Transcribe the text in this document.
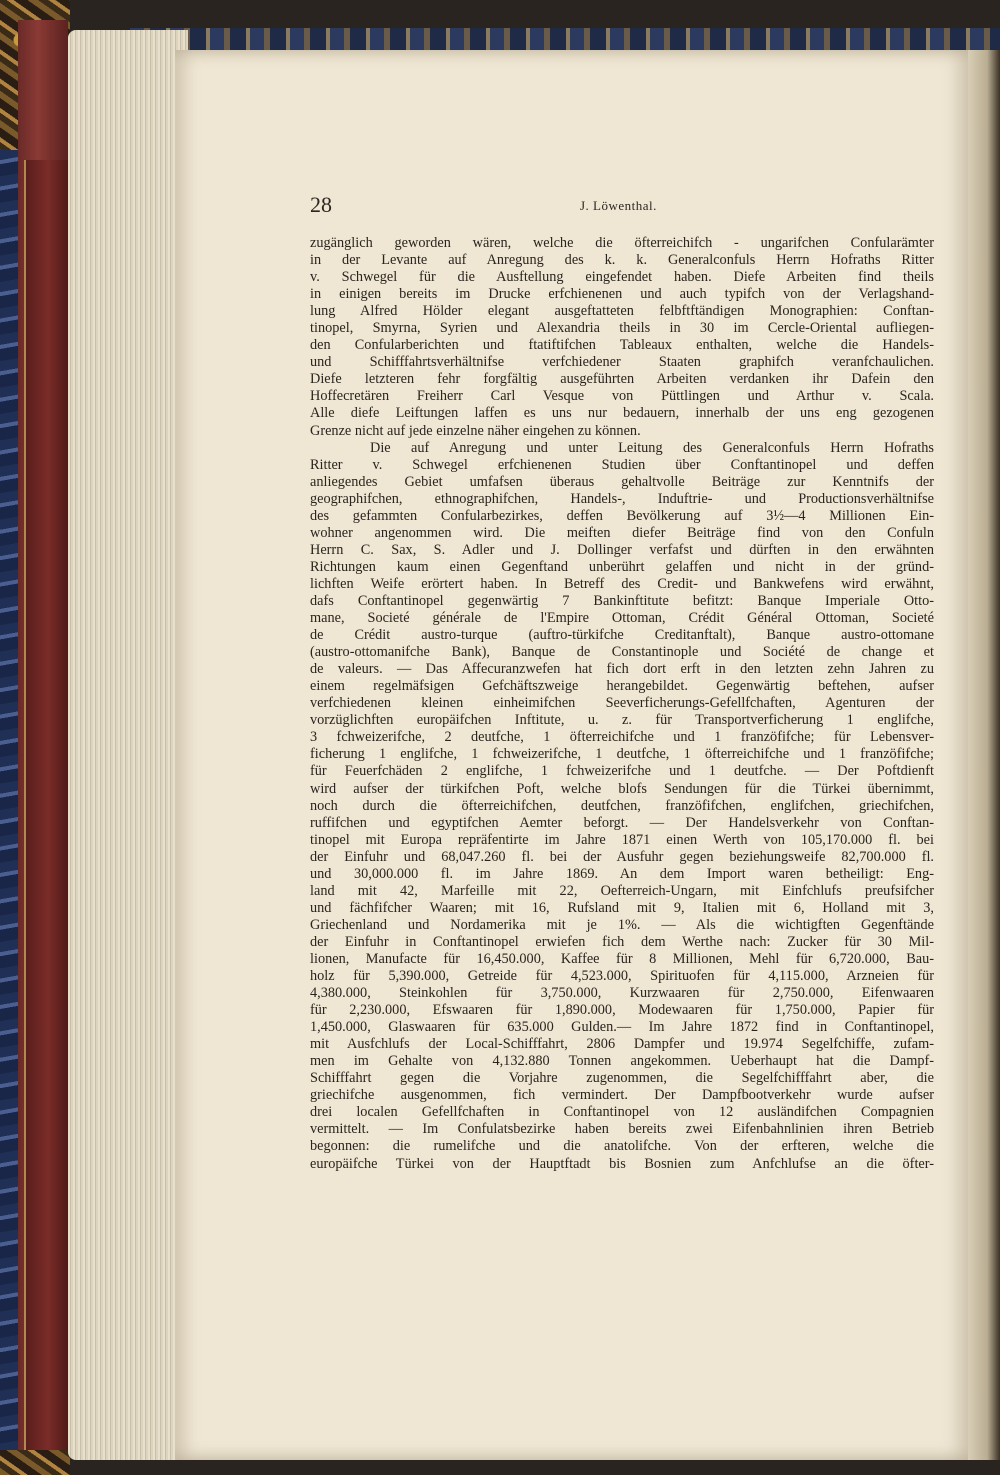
28	J. Löwenthal.
zugänglich geworden wären, welche die öfterreichifch - ungarifchen Confularämter
in der Levante auf Anregung des k. k. Generalconfuls Herrn Hofraths Ritter
v. Schwegel für die Ausftellung eingefendet haben. Diefe Arbeiten find theils
in einigen bereits im Drucke erfchienenen und auch typifch von der Verlagshand-
lung Alfred Hölder elegant ausgeftatteten felbftftändigen Monographien: Conftan-
tinopel, Smyrna, Syrien und Alexandria theils in 30 im Cercle-Oriental aufliegen-
den Confularberichten und ftatiftifchen Tableaux enthalten, welche die Handels-
und Schifffahrtsverhältnifse verfchiedener Staaten graphifch veranfchaulichen.
Diefe letzteren fehr forgfältig ausgeführten Arbeiten verdanken ihr Dafein den
Hoffecretären Freiherr Carl Vesque von Püttlingen und Arthur v. Scala.
Alle diefe Leiftungen laffen es uns nur bedauern, innerhalb der uns eng gezogenen
Grenze nicht auf jede einzelne näher eingehen zu können.
Die auf Anregung und unter Leitung des Generalconfuls Herrn Hofraths
Ritter v. Schwegel erfchienenen Studien über Conftantinopel und deffen
anliegendes Gebiet umfafsen überaus gehaltvolle Beiträge zur Kenntnifs der
geographifchen, ethnographifchen, Handels-, Induftrie- und Productionsverhältnifse
des gefammten Confularbezirkes, deffen Bevölkerung auf 3½—4 Millionen Ein-
wohner angenommen wird. Die meiften diefer Beiträge find von den Confuln
Herrn C. Sax, S. Adler und J. Dollinger verfafst und dürften in den erwähnten
Richtungen kaum einen Gegenftand unberührt gelaffen und nicht in der gründ-
lichften Weife erörtert haben. In Betreff des Credit- und Bankwefens wird erwähnt,
dafs Conftantinopel gegenwärtig 7 Bankinftitute befitzt: Banque Imperiale Otto-
mane, Societé générale de l'Empire Ottoman, Crédit Général Ottoman, Societé
de Crédit austro-turque (auftro-türkifche Creditanftalt), Banque austro-ottomane
(austro-ottomanifche Bank), Banque de Constantinople und Société de change et
de valeurs. — Das Affecuranzwefen hat fich dort erft in den letzten zehn Jahren zu
einem regelmäfsigen Gefchäftszweige herangebildet. Gegenwärtig beftehen, aufser
verfchiedenen kleinen einheimifchen Seeverficherungs-Gefellfchaften, Agenturen der
vorzüglichften europäifchen Inftitute, u. z. für Transportverficherung 1 englifche,
3 fchweizerifche, 2 deutfche, 1 öfterreichifche und 1 franzöfifche; für Lebensver-
ficherung 1 englifche, 1 fchweizerifche, 1 deutfche, 1 öfterreichifche und 1 franzöfifche;
für Feuerfchäden 2 englifche, 1 fchweizerifche und 1 deutfche. — Der Poftdienft
wird aufser der türkifchen Poft, welche blofs Sendungen für die Türkei übernimmt,
noch durch die öfterreichifchen, deutfchen, franzöfifchen, englifchen, griechifchen,
ruffifchen und egyptifchen Aemter beforgt. — Der Handelsverkehr von Conftan-
tinopel mit Europa repräfentirte im Jahre 1871 einen Werth von 105,170.000 fl. bei
der Einfuhr und 68,047.260 fl. bei der Ausfuhr gegen beziehungsweife 82,700.000 fl.
und 30,000.000 fl. im Jahre 1869. An dem Import waren betheiligt: Eng-
land mit 42, Marfeille mit 22, Oefterreich-Ungarn, mit Einfchlufs preufsifcher
und fächfifcher Waaren; mit 16, Rufsland mit 9, Italien mit 6, Holland mit 3,
Griechenland und Nordamerika mit je 1%. — Als die wichtigften Gegenftände
der Einfuhr in Conftantinopel erwiefen fich dem Werthe nach: Zucker für 30 Mil-
lionen, Manufacte für 16,450.000, Kaffee für 8 Millionen, Mehl für 6,720.000, Bau-
holz für 5,390.000, Getreide für 4,523.000, Spirituofen für 4,115.000, Arzneien für
4,380.000, Steinkohlen für 3,750.000, Kurzwaaren für 2,750.000, Eifenwaaren
für 2,230.000, Efswaaren für 1,890.000, Modewaaren für 1,750.000, Papier für
1,450.000, Glaswaaren für 635.000 Gulden.— Im Jahre 1872 find in Conftantinopel,
mit Ausfchlufs der Local-Schifffahrt, 2806 Dampfer und 19.974 Segelfchiffe, zufam-
men im Gehalte von 4,132.880 Tonnen angekommen. Ueberhaupt hat die Dampf-
Schifffahrt gegen die Vorjahre zugenommen, die Segelfchifffahrt aber, die
griechifche ausgenommen, fich vermindert. Der Dampfbootverkehr wurde aufser
drei localen Gefellfchaften in Conftantinopel von 12 ausländifchen Compagnien
vermittelt. — Im Confulatsbezirke haben bereits zwei Eifenbahnlinien ihren Betrieb
begonnen: die rumelifche und die anatolifche. Von der erfteren, welche die
europäifche Türkei von der Hauptftadt bis Bosnien zum Anfchlufse an die öfter-
